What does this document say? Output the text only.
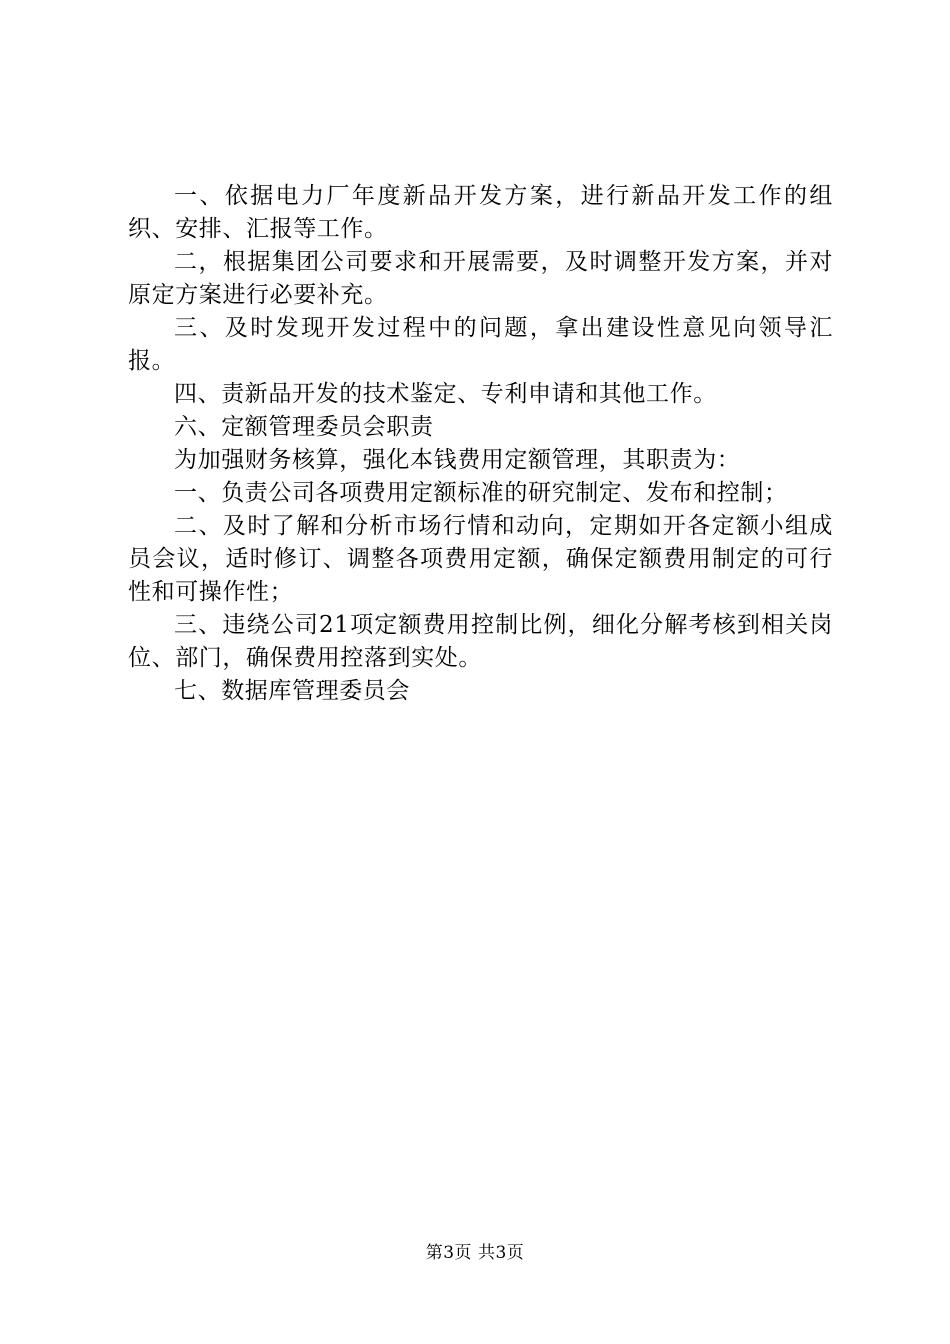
一、依据电力厂年度新品开发方案，进行新品开发工作的组织、安排、汇报等工作。

二，根据集团公司要求和开展需要，及时调整开发方案，并对原定方案进行必要补充。

三、及时发现开发过程中的问题，拿出建设性意见向领导汇报。

四、责新品开发的技术鉴定、专利申请和其他工作。

六、定额管理委员会职责

为加强财务核算，强化本钱费用定额管理，其职责为：

一、负责公司各项费用定额标准的研究制定、发布和控制；

二、及时了解和分析市场行情和动向，定期如开各定额小组成员会议，适时修订、调整各项费用定额，确保定额费用制定的可行性和可操作性；

三、违绕公司21项定额费用控制比例，细化分解考核到相关岗位、部门，确保费用控落到实处。

七、数据库管理委员会

第3页 共3页
